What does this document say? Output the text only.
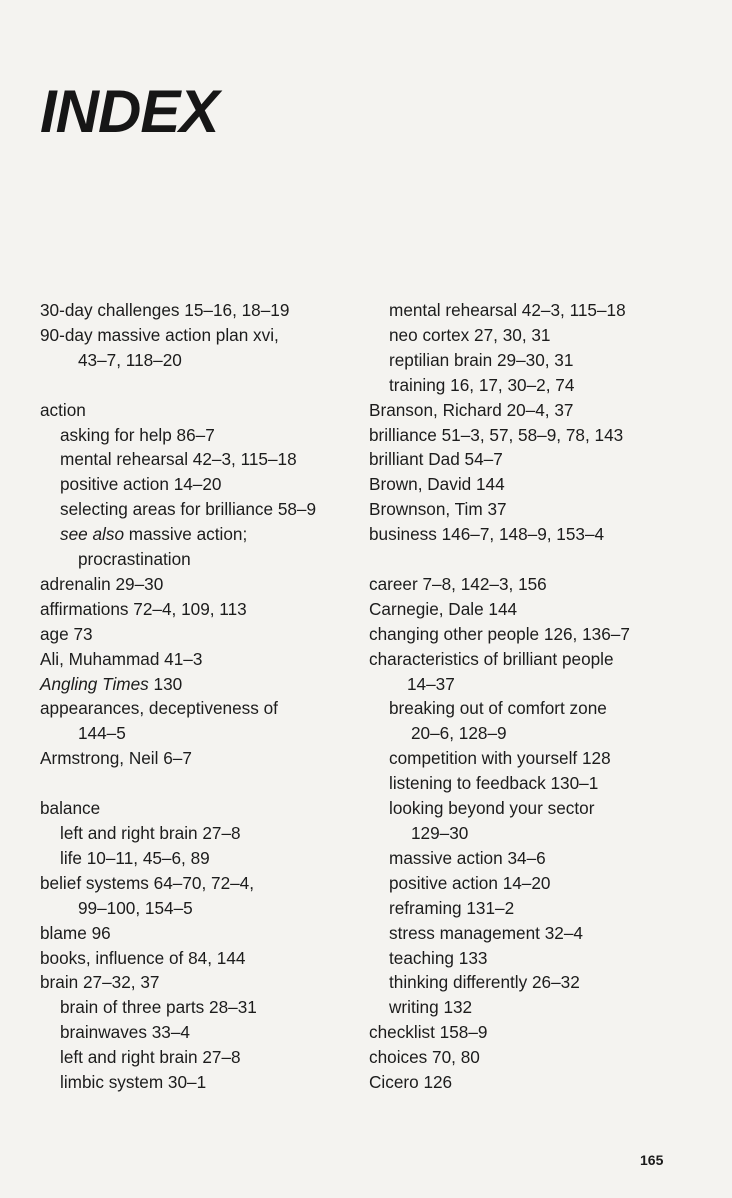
INDEX

30-day challenges 15–16, 18–19

90-day massive action plan xvi,

43–7, 118–20

action

asking for help 86–7

mental rehearsal 42–3, 115–18

positive action 14–20

selecting areas for brilliance 58–9

see also massive action;

procrastination

adrenalin 29–30

affirmations 72–4, 109, 113

age 73

Ali, Muhammad 41–3

Angling Times 130

appearances, deceptiveness of

144–5

Armstrong, Neil 6–7

balance

left and right brain 27–8

life 10–11, 45–6, 89

belief systems 64–70, 72–4,

99–100, 154–5

blame 96

books, influence of 84, 144

brain 27–32, 37

brain of three parts 28–31

brainwaves 33–4

left and right brain 27–8

limbic system 30–1

mental rehearsal 42–3, 115–18

neo cortex 27, 30, 31

reptilian brain 29–30, 31

training 16, 17, 30–2, 74

Branson, Richard 20–4, 37

brilliance 51–3, 57, 58–9, 78, 143

brilliant Dad 54–7

Brown, David 144

Brownson, Tim 37

business 146–7, 148–9, 153–4

career 7–8, 142–3, 156

Carnegie, Dale 144

changing other people 126, 136–7

characteristics of brilliant people

14–37

breaking out of comfort zone

20–6, 128–9

competition with yourself 128

listening to feedback 130–1

looking beyond your sector

129–30

massive action 34–6

positive action 14–20

reframing 131–2

stress management 32–4

teaching 133

thinking differently 26–32

writing 132

checklist 158–9

choices 70, 80

Cicero 126

165
